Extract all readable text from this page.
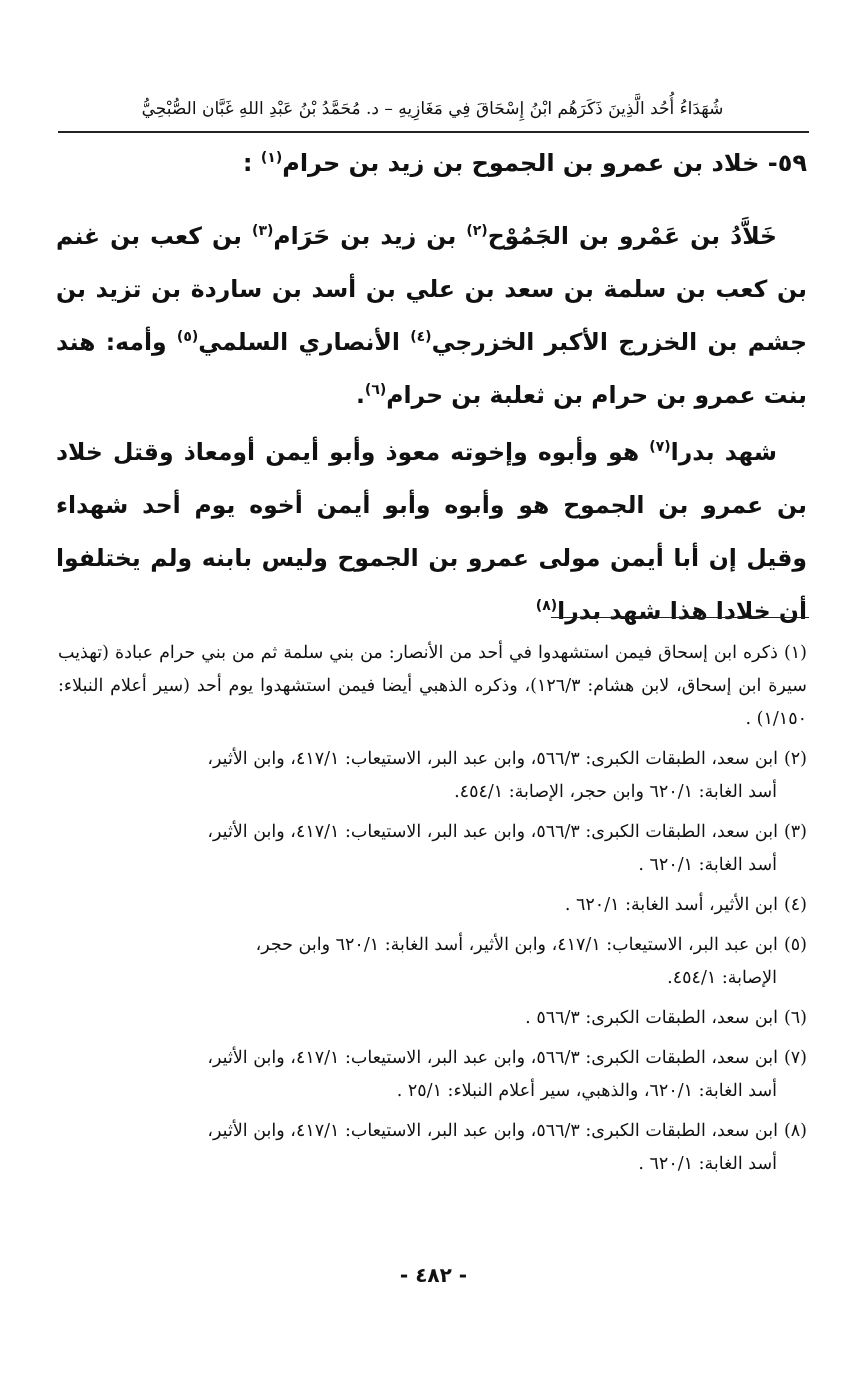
شُهَدَاءُ أُحُد الَّذِينَ ذَكَرَهُم ابْنُ إِسْحَاقَ فِي مَغَازِيهِ – د. مُحَمَّدُ بْنُ عَبْدِ اللهِ غَبَّان الصُّبْحِيُّ
٥٩- خلاد بن عمرو بن الجموح بن زيد بن حرام$^{(١)}$ :

خَلاَّدُ بن عَمْرو بن الجَمُوْح$^{(٢)}$ بن زيد بن حَرَام$^{(٣)}$ بن كعب بن غنم بن كعب بن سلمة بن سعد بن علي بن أسد بن ساردة بن تزيد بن جشم بن الخزرج الأكبر الخزرجي$^{(٤)}$ الأنصاري السلمي$^{(٥)}$ وأمه: هند بنت عمرو بن حرام بن ثعلبة بن حرام$^{(٦)}$.

شهد بدرا$^{(٧)}$ هو وأبوه وإخوته معوذ وأبو أيمن أومعاذ وقتل خلاد بن عمرو بن الجموح هو وأبوه وأبو أيمن أخوه يوم أحد شهداء وقيل إن أبا أيمن مولى عمرو بن الجموح وليس بابنه ولم يختلفوا أن خلادا هذا شهد بدرا$^{(٨)}$

(١)ذكره ابن إسحاق فيمن استشهدوا في أحد من الأنصار: من بني سلمة ثم من بني حرام عبادة (تهذيب سيرة ابن إسحاق، لابن هشام: ١٢٦/٣)، وذكره الذهبي أيضا فيمن استشهدوا يوم أحد (سير أعلام النبلاء: ١/١٥٠) .
(٢)ابن سعد، الطبقات الكبرى: ٥٦٦/٣، وابن عبد البر، الاستيعاب: ٤١٧/١، وابن الأثير،
أسد الغابة: ٦٢٠/١ وابن حجر، الإصابة: ٤٥٤/١.
(٣)ابن سعد، الطبقات الكبرى: ٥٦٦/٣، وابن عبد البر، الاستيعاب: ٤١٧/١، وابن الأثير،
أسد الغابة: ٦٢٠/١ .
(٤)ابن الأثير، أسد الغابة: ٦٢٠/١ .
(٥)ابن عبد البر، الاستيعاب: ٤١٧/١، وابن الأثير، أسد الغابة: ٦٢٠/١ وابن حجر،
الإصابة: ٤٥٤/١.
(٦)ابن سعد، الطبقات الكبرى: ٥٦٦/٣ .
(٧)ابن سعد، الطبقات الكبرى: ٥٦٦/٣، وابن عبد البر، الاستيعاب: ٤١٧/١، وابن الأثير،
أسد الغابة: ٦٢٠/١، والذهبي، سير أعلام النبلاء: ٢٥/١ .
(٨)ابن سعد، الطبقات الكبرى: ٥٦٦/٣، وابن عبد البر، الاستيعاب: ٤١٧/١، وابن الأثير،
أسد الغابة: ٦٢٠/١ .
- ٤٨٢ -
